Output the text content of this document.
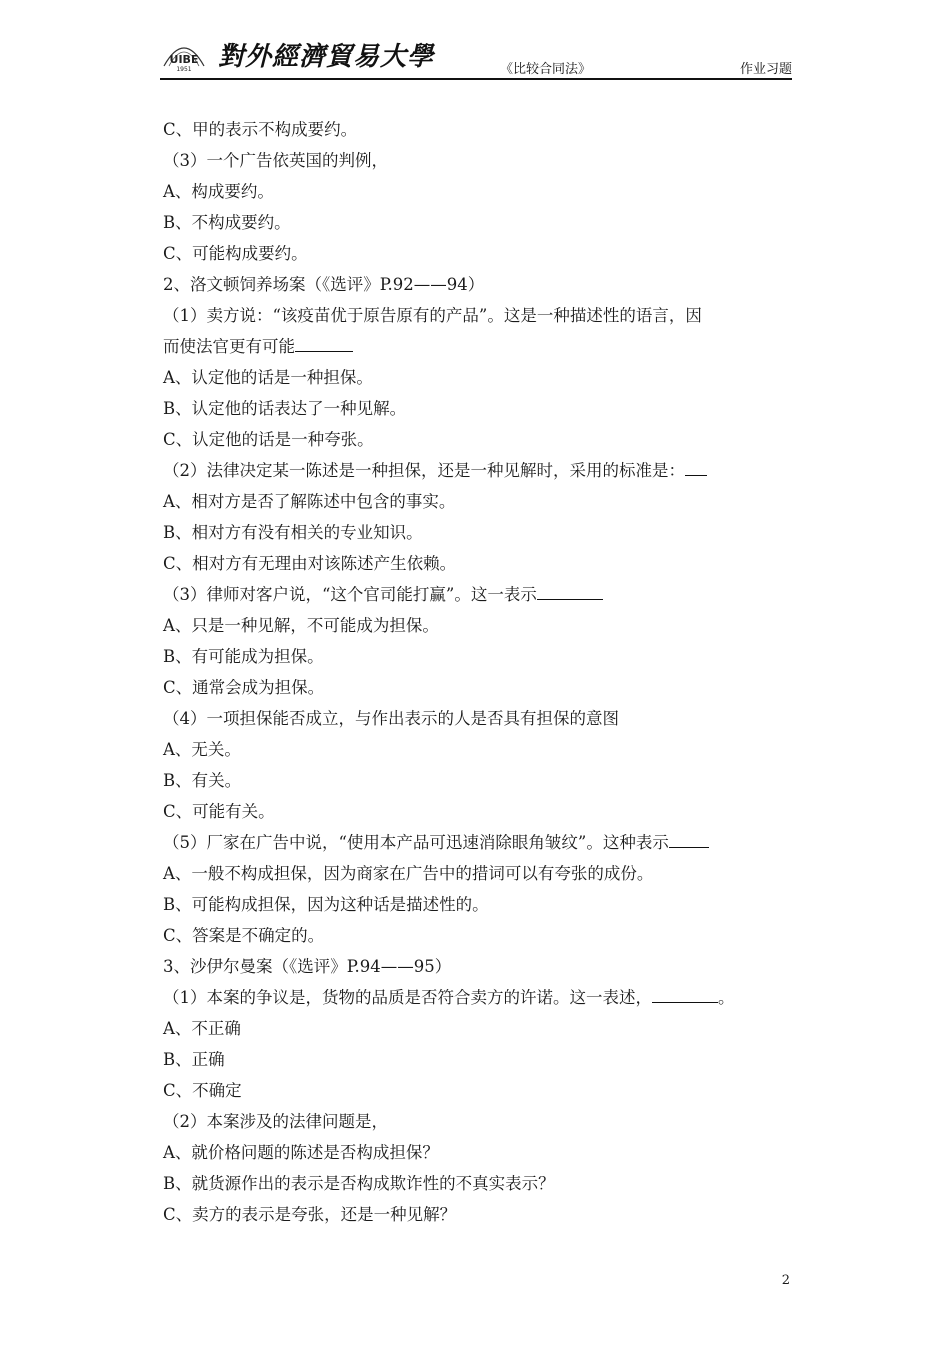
UIBE
1951 對外經濟貿易大學	《比较合同法》	作业习题
C、甲的表示不构成要约。
（3）一个广告依英国的判例，
A、构成要约。
B、不构成要约。
C、可能构成要约。
2、洛文顿饲养场案（《选评》P.92——94）
（1）卖方说：“该疫苗优于原告原有的产品”。这是一种描述性的语言，因
而使法官更有可能
A、认定他的话是一种担保。
B、认定他的话表达了一种见解。
C、认定他的话是一种夸张。
（2）法律决定某一陈述是一种担保，还是一种见解时，采用的标准是：
A、相对方是否了解陈述中包含的事实。
B、相对方有没有相关的专业知识。
C、相对方有无理由对该陈述产生依赖。
（3）律师对客户说，“这个官司能打赢”。这一表示
A、只是一种见解，不可能成为担保。
B、有可能成为担保。
C、通常会成为担保。
（4）一项担保能否成立，与作出表示的人是否具有担保的意图
A、无关。
B、有关。
C、可能有关。
（5）厂家在广告中说，“使用本产品可迅速消除眼角皱纹”。这种表示
A、一般不构成担保，因为商家在广告中的措词可以有夸张的成份。
B、可能构成担保，因为这种话是描述性的。
C、答案是不确定的。
3、沙伊尔曼案（《选评》P.94——95）
（1）本案的争议是，货物的品质是否符合卖方的许诺。这一表述，	。
A、不正确
B、正确
C、不确定
（2）本案涉及的法律问题是，
A、就价格问题的陈述是否构成担保？
B、就货源作出的表示是否构成欺诈性的不真实表示？
C、卖方的表示是夸张，还是一种见解？
2
